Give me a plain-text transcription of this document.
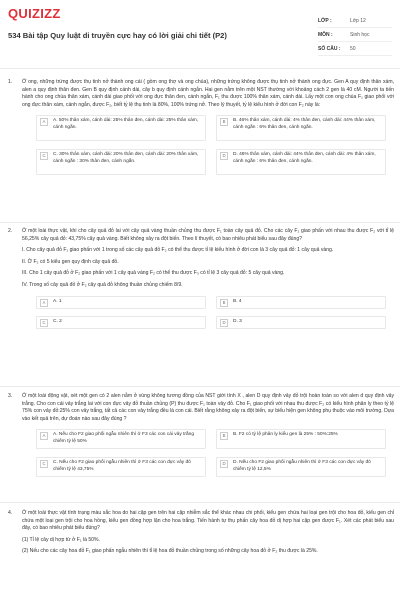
QUIZIZZ
534 Bài tập Quy luật di truyền cực hay có lời giải chi tiết (P2)
LỚP :	Lớp 12
MÔN :	Sinh học
SỐ CÂU :	50
1.	Ở ong, những trứng được thụ tinh nở thành ong cái ( gồm ong thợ và ong chúa), những trứng không được thụ tinh nở thành ong đực. Gen A quy định thân xám, alen a quy định thân đen. Gen B quy định cánh dài, cây b quy định cánh ngắn. Hai gen nằm trên một NST thường với khoảng cách 2 gen là 40 cM. Người ta tiến hành cho ong chúa thân xám, cánh dài giao phối với ong đực thân đen, cánh ngắn, F₁ thu được 100% thân xám, cánh dài. Lấy một con ong chúa F₁ giao phối với ong đực thân xám, cánh ngắn, được F₂, biết tỷ lệ thụ tinh là 80%, 100% trứng nở. Theo lý thuyết, tỷ lệ kiểu hình ở đời con F₂ này là:
A	A. 50% thân xám, cánh dài: 25% thân đen, cánh dài: 25% thân xám, cánh ngắn.
B	B. 46% thân xám, cánh dài: 4% thân đen, cánh dài: 44% thân xám, cánh ngắn : 6% thân đen, cánh ngắn.
C	C. 30% thân xám, cánh dài: 20% thân đen, cánh dài: 20% thân xám, cánh ngắn : 30% thân đen, cánh ngắn.
D	D. 46% thân xám, cánh dài: 44% thân đen, cánh dài: 4% thân xám, cánh ngắn : 6% thân đen, cánh ngắn.
2.	Ở một loài thực vật, khi cho cây quả đỏ lai với cây quả vàng thuần chủng thu được F₁ toàn cây quả đỏ. Cho các cây F₁ giao phấn với nhau thu được F₂ với tỉ lệ 56,25% cây quả đỏ: 43,75% cây quả vàng. Biết không xảy ra đột biến. Theo lí thuyết, có bao nhiêu phát biểu sau đây đúng?
I. Cho cây quả đỏ F₁ giao phấn với 1 trong số các cây quả đỏ F₂ có thể thu được tỉ lệ kiểu hình ở đời con là 3 cây quả đỏ: 1 cây quả vàng.
II. Ở F₂ có 5 kiểu gen quy định cây quả đỏ.
III. Cho 1 cây quả đỏ ở F₂ giao phấn với 1 cây quả vàng F₂ có thể thu được F₃ có tỉ lệ 3 cây quả đỏ: 5 cây quả vàng.
IV. Trong số cây quả đỏ ở F₂ cây quả đỏ không thuần chủng chiếm 8/9.
A	A. 1	B	B. 4
C	C. 2	D	D. 3
3.	Ở một loài động vật, xét một gen có 2 alen nằm ở vùng không tương đồng của NST giới tính X , alen D quy định vảy đỏ trội hoàn toàn so với alen d quy định vảy trắng. Cho con cái vảy trắng lai với con đực vảy đỏ thuần chủng (P) thu được F₁ toàn vảy đỏ. Cho F₁ giao phối với nhau thu được F₂ có kiểu hình phân ly theo tỷ lệ 75% con vảy đỏ:25% con vảy trắng, tất cả các con vảy trắng đều là con cái. Biết rằng không xảy ra đột biến, sự biểu hiện gen không phụ thuộc vào môi trường. Dựa vào kết quả trên, dự đoán nào sau đây đúng ?
A	A. Nếu cho F2 giao phối ngẫu nhiên thì ở F3 các con cái vảy trắng chiếm tỷ lệ 50%
B	B. F2 có tỷ lệ phân ly kiểu gen là 25% : 50%:25%
C	C. Nếu cho F2 giao phối ngẫu nhiên thì ở F3 các con đực vảy đỏ chiếm tỷ lệ 43,75%
D	D. Nếu cho F2 giao phối ngẫu nhiên thì ở F3 các con đực vảy đỏ chiếm tỷ lệ 12,5%
4.	Ở một loài thực vật tính trạng màu sắc hoa do hai cặp gen trên hai cặp nhiễm sắc thể khác nhau chi phối, kiểu gen chứa hai loại gen trội cho hoa đỏ, kiểu gen chỉ chứa một loại gen trội cho hoa hồng, kiểu gen đồng hợp lặn cho hoa trắng. Tiến hành tự thụ phấn cây hoa đỏ dị hợp hai cặp gen được F₁. Xét các phát biểu sau đây, có bao nhiêu phát biểu đúng?
(1) Tỉ lệ cây dị hợp từ ở F₁ là 50%.
(2) Nếu cho các cây hoa đỏ F₁ giao phấn ngẫu nhiên thì tỉ lệ hoa đỏ thuần chủng trong số những cây hoa đỏ ở F₂ thu được là 25%.
